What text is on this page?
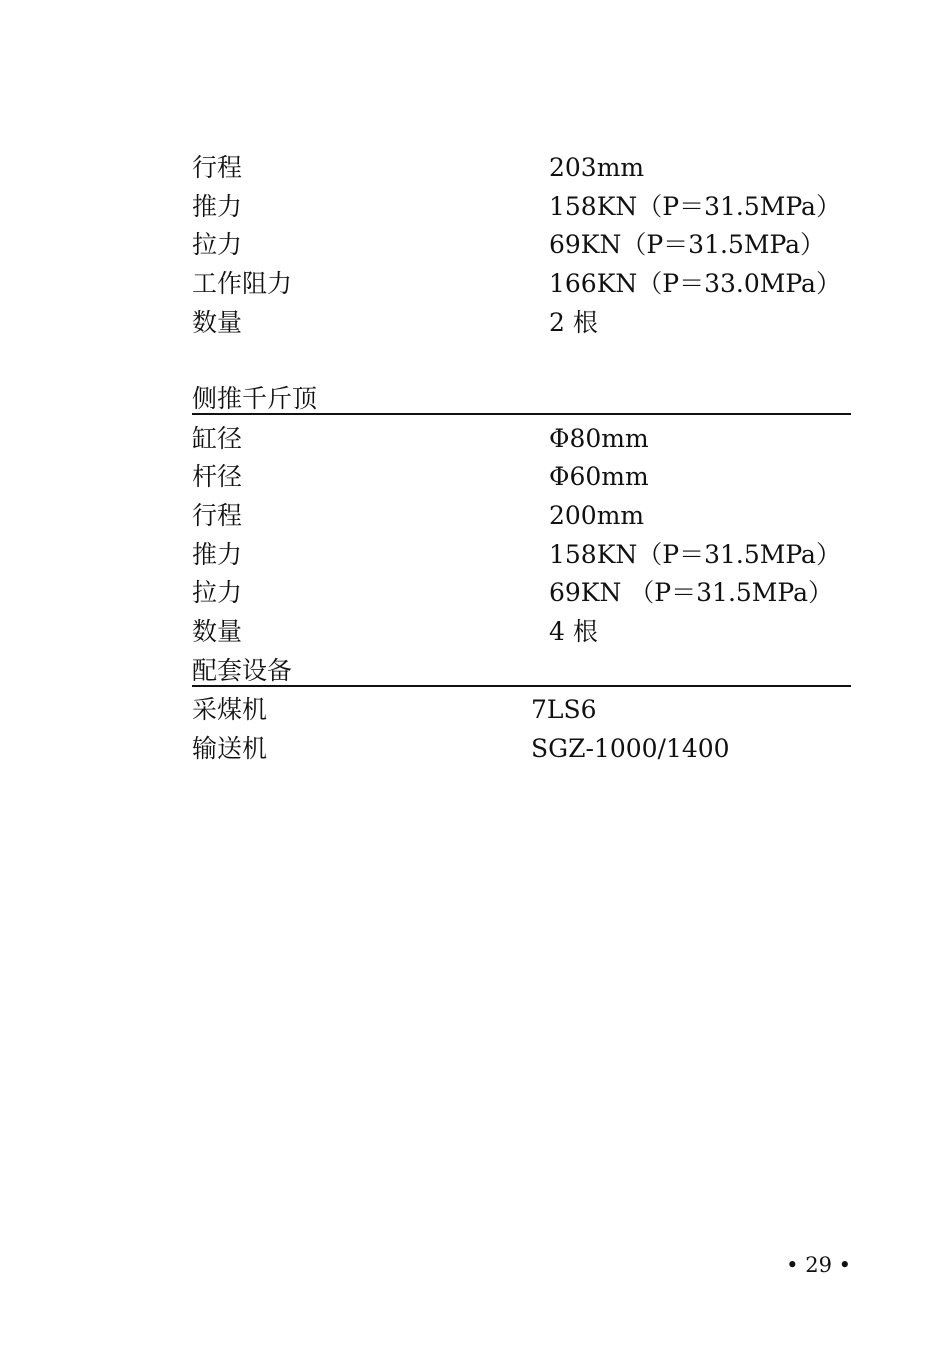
行程	203mm
推力	158KN（P＝31.5MPa）
拉力	69KN（P＝31.5MPa）
工作阻力	166KN（P＝33.0MPa）
数量	2 根
侧推千斤顶
缸径	Φ80mm
杆径	Φ60mm
行程	200mm
推力	158KN（P＝31.5MPa）
拉力	69KN （P＝31.5MPa）
数量	4 根
配套设备
采煤机	7LS6
输送机	SGZ-1000/1400
• 29 •
